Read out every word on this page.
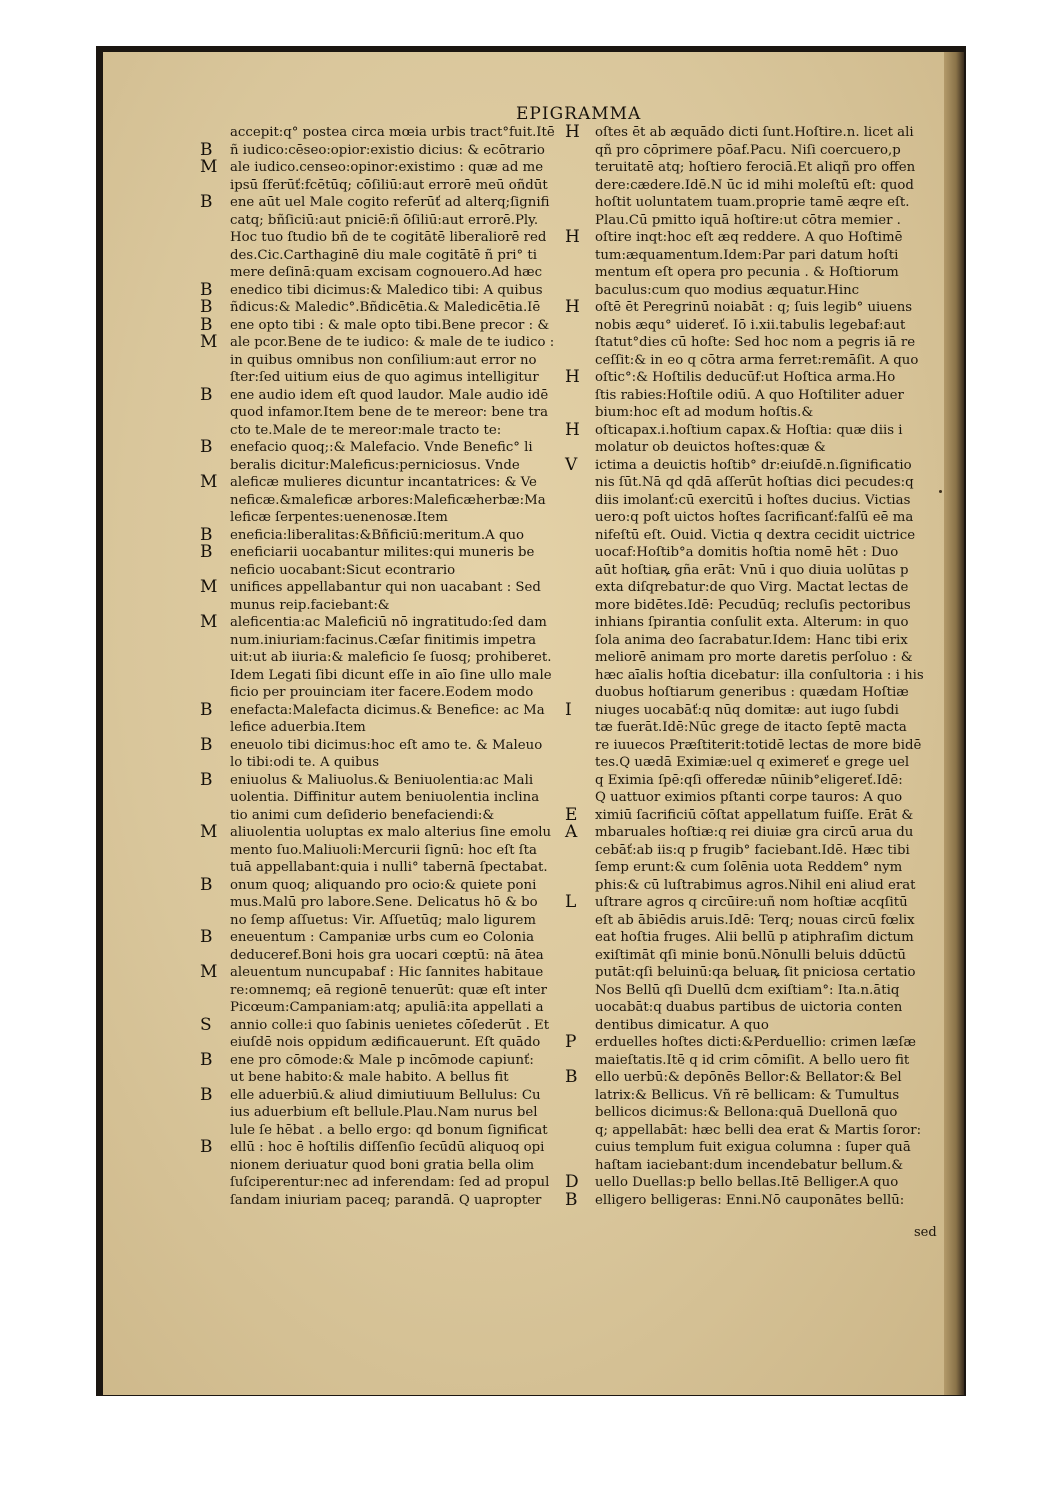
EPIGRAMMA
accepit:q° postea circa mœia urbis tract°fuit.Itē
B ñ iudico:cēseo:opior:existio dicius: & ecōtrario
M ale iudico.censeo:opinor:existimo : quæ ad me
ipsū ſferūť:fcētūq; cōſiliū:aut errorē meū oñdūt
B ene aūt uel Male cogito referūť ad alterq;ſignifi
catq; bñſiciū:aut pniciē:ñ ōſiliū:aut errorē.Ply.
Hoc tuo ſtudio bñ de te cogitātē liberaliorē red
des.Cic.Carthaginē diu male cogitātē ñ pri° ti
mere deſinā:quam excisam cognouero.Ad hæc
B enedico tibi dicimus:& Maledico tibi: A quibus
B ñdicus:& Maledic°.Bñdicētia.& Maledicētia.Iē
B ene opto tibi : & male opto tibi.Bene precor : &
M ale pcor.Bene de te iudico: & male de te iudico :
in quibus omnibus non conſilium:aut error no
ſter:ſed uitium eius de quo agimus intelligitur
B ene audio idem eſt quod laudor. Male audio idē
quod infamor.Item bene de te mereor: bene tra
cto te.Male de te mereor:male tracto te:
B enefacio quoq;:& Malefacio. Vnde Benefic° li
beralis dicitur:Maleficus:perniciosus. Vnde
M aleficæ mulieres dicuntur incantatrices: & Ve
neficæ.&maleficæ arbores:Maleficæherbæ:Ma
leficæ ſerpentes:uenenosæ.Item
B eneficia:liberalitas:&Bñficiū:meritum.A quo
B eneficiarii uocabantur milites:qui muneris be
neficio uocabant:Sicut econtrario
M unifices appellabantur qui non uacabant : Sed
munus reip.faciebant:&
M aleficentia:ac Maleficiū nō ingratitudo:ſed dam
num.iniuriam:facinus.Cæſar finitimis impetra
uit:ut ab iiuria:& maleficio ſe ſuosq; prohiberet.
Idem Legati ſibi dicunt eſſe in aīo ſine ullo male
ficio per prouinciam iter facere.Eodem modo
B enefacta:Malefacta dicimus.& Benefice: ac Ma
lefice aduerbia.Item
B eneuolo tibi dicimus:hoc eſt amo te. & Maleuo
lo tibi:odi te. A quibus
B eniuolus & Maliuolus.& Beniuolentia:ac Mali
uolentia. Diffinitur autem beniuolentia inclina
tio animi cum deſiderio benefaciendi:&
M aliuolentia uoluptas ex malo alterius ſine emolu
mento ſuo.Maliuoli:Mercurii ſignū: hoc eſt ſta
tuā appellabant:quia i nulli° tabernā ſpectabat.
B onum quoq; aliquando pro ocio:& quiete poni
mus.Malū pro labore.Sene. Delicatus hō & bo
no ſemp aſſuetus: Vir. Aſſuetūq; malo ligurem
B eneuentum : Campaniæ urbs cum eo Colonia
deduceref.Boni hois gra uocari cœptū: nā ātea
M aleuentum nuncupabaf : Hic ſannites habitaue
re:omnemq; eā regionē tenuerūt: quæ eſt inter
Picœum:Campaniam:atq; apuliā:ita appellati a
S annio colle:i quo ſabinis uenietes cōſederūt . Et
eiuſdē nois oppidum ædificauerunt. Eſt quādo
B ene pro cōmode:& Male p incōmode capiunť:
ut bene habito:& male habito. A bellus fit
B elle aduerbiū.& aliud dimiutiuum Bellulus: Cu
ius aduerbium eſt bellule.Plau.Nam nurus bel
lule ſe hēbat . a bello ergo: qd bonum ſignificat
B ellū : hoc ē hoſtilis diſſenſio ſecūdū aliquoq opi
nionem deriuatur quod boni gratia bella olim
ſuſciperentur:nec ad inferendam: ſed ad propul
ſandam iniuriam paceq; parandā. Q uapropter
H oſtes ēt ab æquādo dicti ſunt.Hoſtire.n. licet ali
qñ pro cōprimere pōaf.Pacu. Niſi coercuero,p
teruitatē atq; hoſtiero ferociā.Et aliqñ pro offen
dere:cædere.Idē.N ūc id mihi moleſtū eſt: quod
hoſtit uoluntatem tuam.proprie tamē æqre eſt.
Plau.Cū pmitto iquā hoſtire:ut cōtra memier .
H oſtire inqt:hoc eſt æq reddere. A quo Hoſtimē
tum:æquamentum.Idem:Par pari datum hoſti
mentum eſt opera pro pecunia . & Hoſtiorum
baculus:cum quo modius æquatur.Hinc
H oſtē ēt Peregrinū noiabāt : q; ſuis legib° uiuens
nobis æqu° uidereť. Iō i.xii.tabulis legebaf:aut
ſtatut°dies cū hoſte: Sed hoc nom a pegris iā re
ceſſit:& in eo q cōtra arma ferret:remāſit. A quo
H oſtic°:& Hoſtilis deducūf:ut Hoſtica arma.Ho
ſtis rabies:Hoſtile odiū. A quo Hoſtiliter aduer
bium:hoc eſt ad modum hoſtis.&
H oſticapax.i.hoſtium capax.& Hoſtia: quæ diis i
molatur ob deuictos hoſtes:quæ &
V ictima a deuictis hoſtib° dr:eiuſdē.n.ſignificatio
nis ſūt.Nā qd qdā aſſerūt hoſtias dici pecudes:q
diis imolanť:cū exercitū i hoſtes ducius. Victias
uero:q poſt uictos hoſtes ſacrificanť:falſū eē ma
nifeſtū eſt. Ouid. Victia q dextra cecidit uictrice
uocaf:Hoſtib°a domitis hoſtia nomē hēt : Duo
aūt hoſtiaꝶ gña erāt: Vnū i quo diuia uolūtas p
exta diſqrebatur:de quo Virg. Mactat lectas de
more bidētes.Idē: Pecudūq; recluſis pectoribus
inhians ſpirantia conſulit exta. Alterum: in quo
ſola anima deo ſacrabatur.Idem: Hanc tibi erix
meliorē animam pro morte daretis perſoluo : &
hæc aīalis hoſtia dicebatur: illa conſultoria : i his
duobus hoſtiarum generibus : quædam Hoſtiæ
I niuges uocabāť:q nūq domitæ: aut iugo ſubdi
tæ fuerāt.Idē:Nūc grege de itacto ſeptē macta
re iuuecos Præſtiterit:totidē lectas de more bidē
tes.Q uædā Eximiæ:uel q eximereť e grege uel
q Eximia ſpē:qſi offeredæ nūinib°eligereť.Idē:
Q uattuor eximios pſtanti corpe tauros: A quo
E ximiū ſacrificiū cōſtat appellatum fuiſſe. Erāt &
A mbaruales hoſtiæ:q rei diuiæ gra circū arua du
cebāť:ab iis:q p frugib° faciebant.Idē. Hæc tibi
ſemp erunt:& cum ſolēnia uota Reddem° nym
phis:& cū luſtrabimus agros.Nihil eni aliud erat
L uſtrare agros q circūire:uñ nom hoſtiæ acqſitū
eſt ab ābiēdis aruis.Idē: Terq; nouas circū fœlix
eat hoſtia fruges. Alii bellū p atiphraſim dictum
exiſtimāt qſi minie bonū.Nōnulli beluis ddūctū
putāt:qſi beluinū:qa beluaꝶ ſit pniciosa certatio
Nos Bellū qſi Duellū dcm exiſtiam°: Ita.n.ātiq
uocabāt:q duabus partibus de uictoria conten
dentibus dimicatur. A quo
P erduelles hoſtes dicti:&Perduellio: crimen læſæ
maieſtatis.Itē q id crim cōmiſit. A bello uero fit
B ello uerbū:& depōnēs Bellor:& Bellator:& Bel
latrix:& Bellicus. Vñ rē bellicam: & Tumultus
bellicos dicimus:& Bellona:quā Duellonā quo
q; appellabāt: hæc belli dea erat & Martis ſoror:
cuius templum fuit exigua columna : ſuper quā
haſtam iaciebant:dum incendebatur bellum.&
D uello Duellas:p bello bellas.Itē Belliger.A quo
B elligero belligeras: Enni.Nō cauponātes bellū:
sed
